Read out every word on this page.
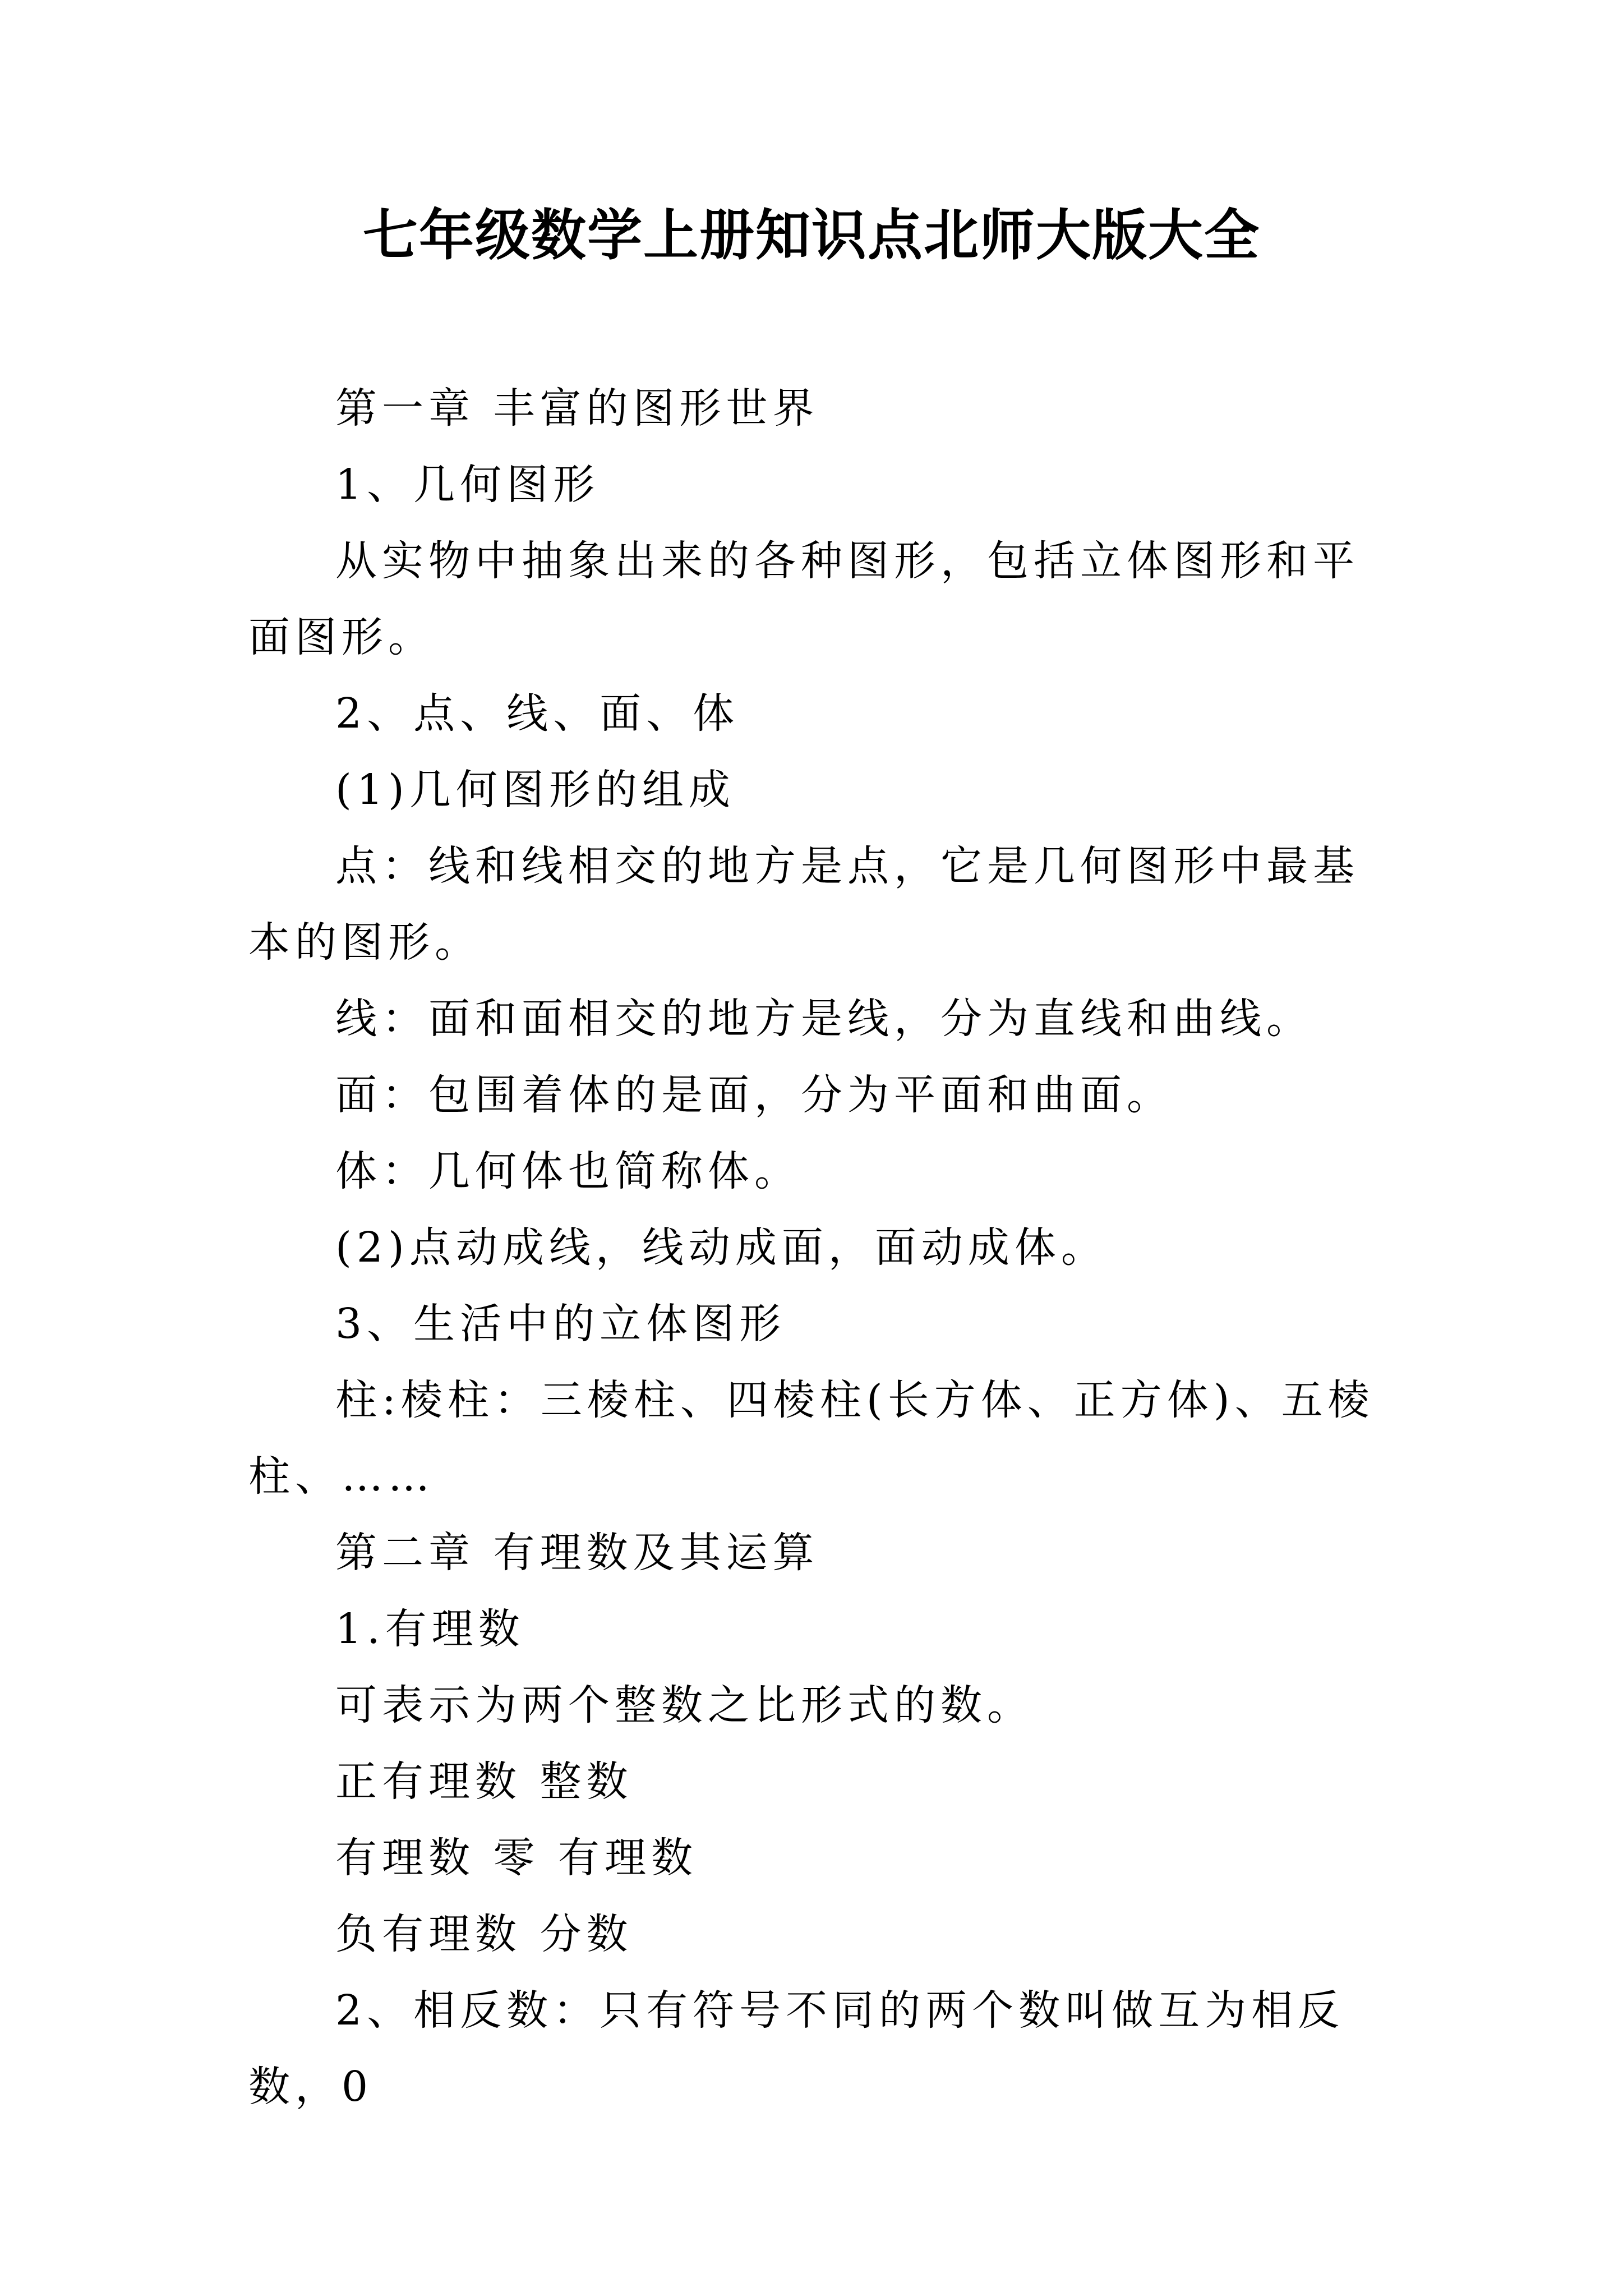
七年级数学上册知识点北师大版大全

第一章 丰富的图形世界

1、几何图形

从实物中抽象出来的各种图形，包括立体图形和平面图形。

2、点、线、面、体

(1)几何图形的组成

点：线和线相交的地方是点，它是几何图形中最基本的图形。

线：面和面相交的地方是线，分为直线和曲线。

面：包围着体的是面，分为平面和曲面。

体：几何体也简称体。

(2)点动成线，线动成面，面动成体。

3、生活中的立体图形

柱:棱柱：三棱柱、四棱柱(长方体、正方体)、五棱柱、……

第二章 有理数及其运算

1.有理数

可表示为两个整数之比形式的数。

正有理数 整数

有理数 零 有理数

负有理数 分数

2、相反数：只有符号不同的两个数叫做互为相反数，0
